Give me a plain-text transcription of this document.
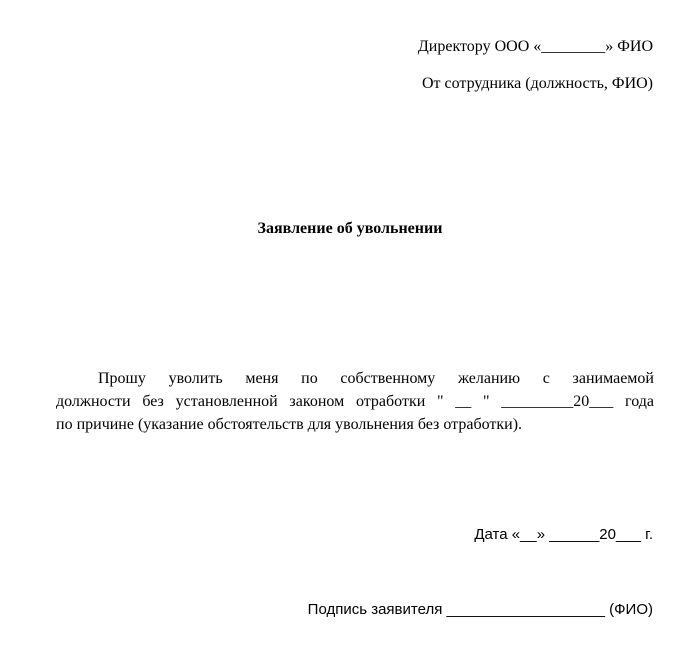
Директору ООО «________» ФИО
От сотрудника (должность, ФИО)
Заявление об увольнении
Прошу уволить меня по собственному желанию с занимаемой
должности без установленной законом отработки " __ " _________20___ года
по причине (указание обстоятельств для увольнения без отработки).
Дата «__» ______20___ г.
Подпись заявителя ___________________ (ФИО)
